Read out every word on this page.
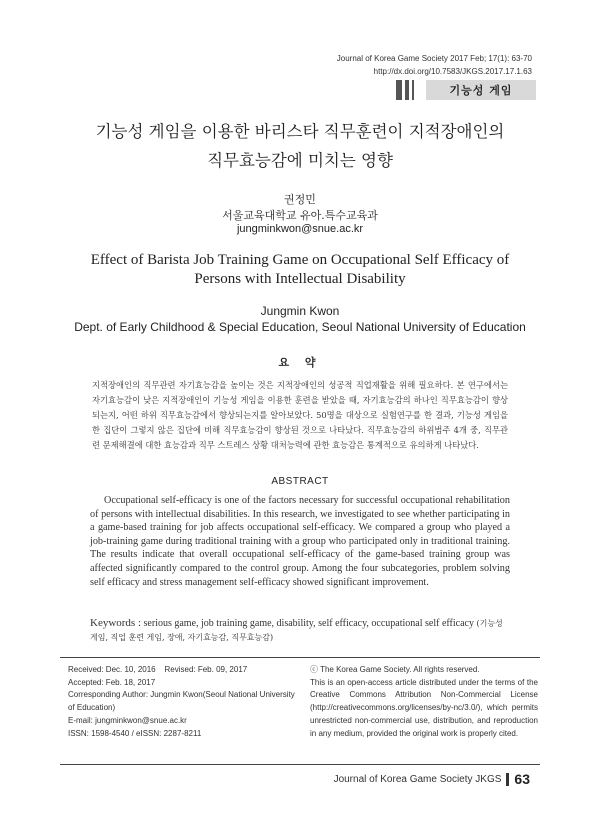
Journal of Korea Game Society 2017 Feb; 17(1): 63-70
http://dx.doi.org/10.7583/JKGS.2017.17.1.63
기능성 게임
기능성 게임을 이용한 바리스타 직무훈련이 지적장애인의
직무효능감에 미치는 영향
권정민
서울교육대학교 유아.특수교육과
jungminkwon@snue.ac.kr
Effect of Barista Job Training Game on Occupational Self Efficacy of
Persons with Intellectual Disability
Jungmin Kwon
Dept. of Early Childhood & Special Education, Seoul National University of Education
요 약

지적장애인의 직무관련 자기효능감을 높이는 것은 지적장애인의 성공적 직업재활을 위해 필요하다. 본 연구에서는 자기효능감이 낮은 지적장애인이 기능성 게임을 이용한 훈련을 받았을 때, 자기효능감의 하나인 직무효능감이 향상되는지, 어떤 하위 직무효능감에서 향상되는지를 알아보았다. 50명을 대상으로 실험연구를 한 결과, 기능성 게임을 한 집단이 그렇지 않은 집단에 비해 직무효능감이 향상된 것으로 나타났다. 직무효능감의 하위범주 4개 중, 직무관련 문제해결에 대한 효능감과 직무 스트레스 상황 대처능력에 관한 효능감은 통계적으로 유의하게 나타났다.

ABSTRACT

Occupational self-efficacy is one of the factors necessary for successful occupational rehabilitation of persons with intellectual disabilities. In this research, we investigated to see whether participating in a game-based training for job affects occupational self-efficacy. We compared a group who played a job-training game during traditional training with a group who participated only in traditional training. The results indicate that overall occupational self-efficacy of the game-based training group was affected significantly compared to the control group. Among the four subcategories, problem solving self efficacy and stress management self-efficacy showed significant improvement.

Keywords : serious game, job training game, disability, self efficacy, occupational self efficacy (기능성 게임, 직업 훈련 게임, 장애, 자기효능감, 직무효능감)
Received: Dec. 10, 2016    Revised: Feb. 09, 2017
Accepted: Feb. 18, 2017
Corresponding Author: Jungmin Kwon(Seoul National University of Education)
E-mail: jungminkwon@snue.ac.kr
ISSN: 1598-4540 / eISSN: 2287-8211
ⓒ The Korea Game Society. All rights reserved.
This is an open-access article distributed under the terms of the Creative Commons Attribution Non-Commercial License (http://creativecommons.org/licenses/by-nc/3.0/), which permits unrestricted non-commercial use, distribution, and reproduction in any medium, provided the original work is properly cited.
Journal of Korea Game Society JKGS 63
